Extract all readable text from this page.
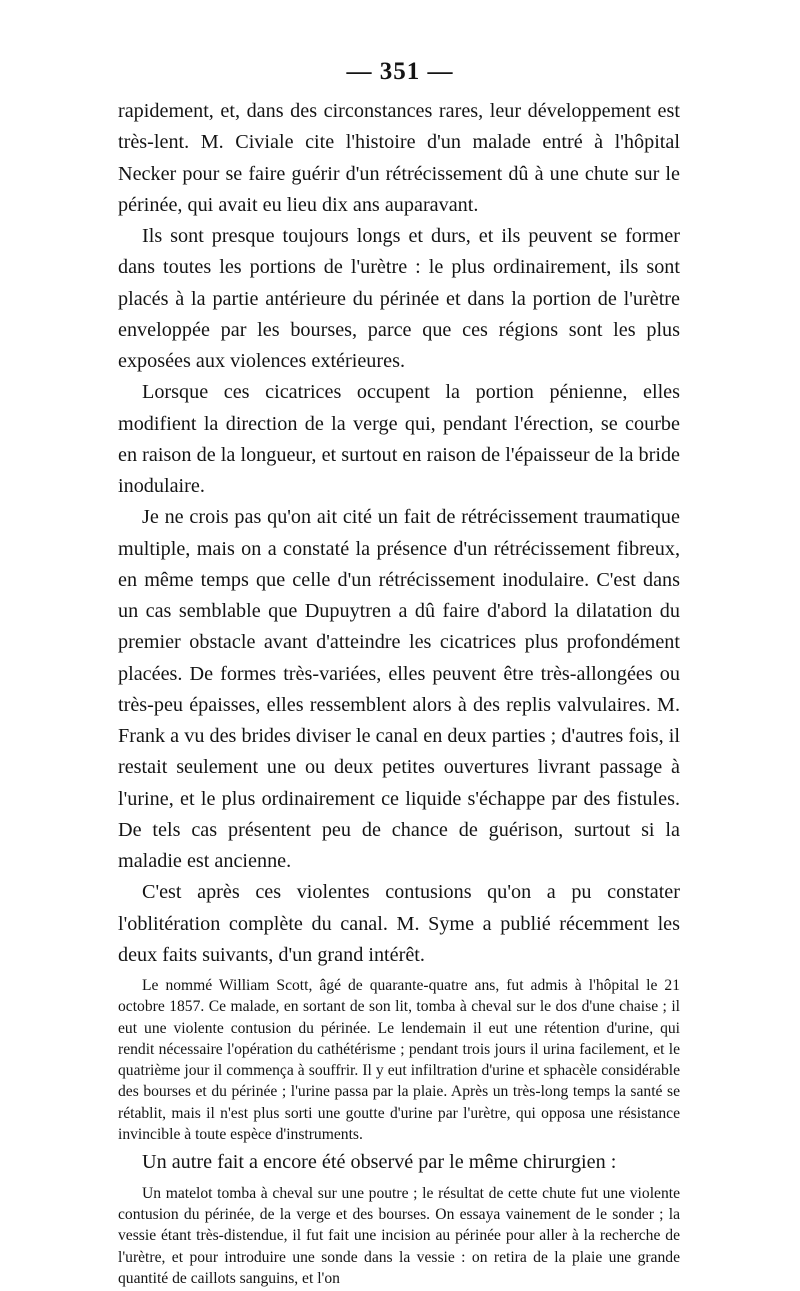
— 351 —

rapidement, et, dans des circonstances rares, leur développement est très-lent. M. Civiale cite l'histoire d'un malade entré à l'hôpital Necker pour se faire guérir d'un rétrécissement dû à une chute sur le périnée, qui avait eu lieu dix ans auparavant.

Ils sont presque toujours longs et durs, et ils peuvent se former dans toutes les portions de l'urètre : le plus ordinairement, ils sont placés à la partie antérieure du périnée et dans la portion de l'urètre enveloppée par les bourses, parce que ces régions sont les plus exposées aux violences extérieures.

Lorsque ces cicatrices occupent la portion pénienne, elles modifient la direction de la verge qui, pendant l'érection, se courbe en raison de la longueur, et surtout en raison de l'épaisseur de la bride inodulaire.

Je ne crois pas qu'on ait cité un fait de rétrécissement traumatique multiple, mais on a constaté la présence d'un rétrécissement fibreux, en même temps que celle d'un rétrécissement inodulaire. C'est dans un cas semblable que Dupuytren a dû faire d'abord la dilatation du premier obstacle avant d'atteindre les cicatrices plus profondément placées. De formes très-variées, elles peuvent être très-allongées ou très-peu épaisses, elles ressemblent alors à des replis valvulaires. M. Frank a vu des brides diviser le canal en deux parties ; d'autres fois, il restait seulement une ou deux petites ouvertures livrant passage à l'urine, et le plus ordinairement ce liquide s'échappe par des fistules. De tels cas présentent peu de chance de guérison, surtout si la maladie est ancienne.

C'est après ces violentes contusions qu'on a pu constater l'oblitération complète du canal. M. Syme a publié récemment les deux faits suivants, d'un grand intérêt.

Le nommé William Scott, âgé de quarante-quatre ans, fut admis à l'hôpital le 21 octobre 1857. Ce malade, en sortant de son lit, tomba à cheval sur le dos d'une chaise ; il eut une violente contusion du périnée. Le lendemain il eut une rétention d'urine, qui rendit nécessaire l'opération du cathétérisme ; pendant trois jours il urina facilement, et le quatrième jour il commença à souffrir. Il y eut infiltration d'urine et sphacèle considérable des bourses et du périnée ; l'urine passa par la plaie. Après un très-long temps la santé se rétablit, mais il n'est plus sorti une goutte d'urine par l'urètre, qui opposa une résistance invincible à toute espèce d'instruments.

Un autre fait a encore été observé par le même chirurgien :

Un matelot tomba à cheval sur une poutre ; le résultat de cette chute fut une violente contusion du périnée, de la verge et des bourses. On essaya vainement de le sonder ; la vessie étant très-distendue, il fut fait une incision au périnée pour aller à la recherche de l'urètre, et pour introduire une sonde dans la vessie : on retira de la plaie une grande quantité de caillots sanguins, et l'on
